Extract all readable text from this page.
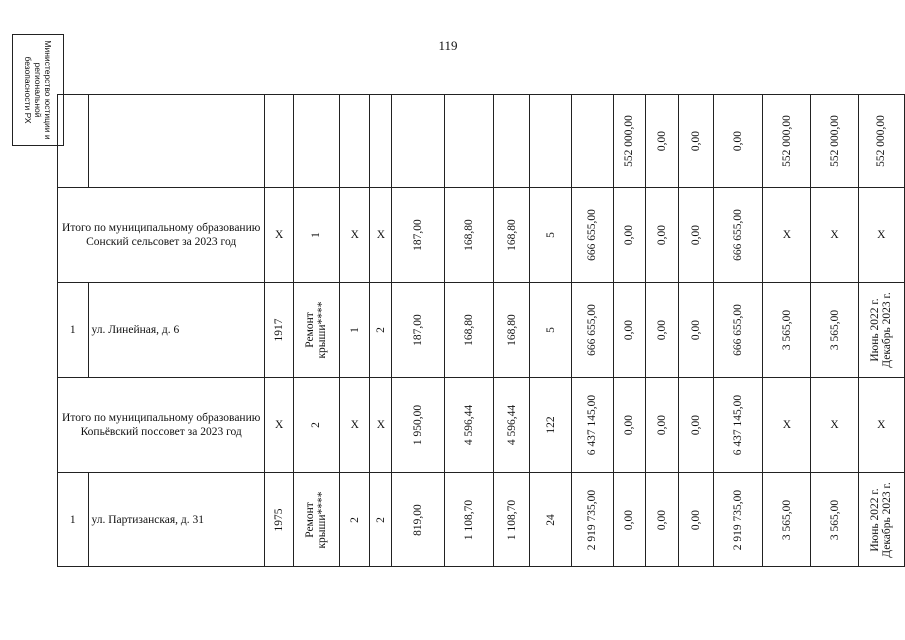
119
Министерство юстиции и региональной безопасности РХ

											552 000,00	0,00	0,00	0,00	552 000,00	552 000,00	552 000,00

Итого по муниципальному образованию Сонский сельсовет за 2023 год		X	1	X	X	187,00	168,80	168,80	5	666 655,00	0,00	0,00	0,00	666 655,00	X	X	X
1	ул. Линейная, д. 6	1917	Ремонт крыши****	1	2	187,00	168,80	168,80	5	666 655,00	0,00	0,00	0,00	666 655,00	3 565,00	3 565,00	Июнь 2022 г. Декабрь 2023 г.

Итого по муниципальному образованию Копьёвский поссовет за 2023 год		X	2	X	X	1 950,00	4 596,44	4 596,44	122	6 437 145,00	0,00	0,00	0,00	6 437 145,00	X	X	X
1	ул. Партизанская, д. 31	1975	Ремонт крыши****	2	2	819,00	1 108,70	1 108,70	24	2 919 735,00	0,00	0,00	0,00	2 919 735,00	3 565,00	3 565,00	Июнь 2022 г. Декабрь 2023 г.
